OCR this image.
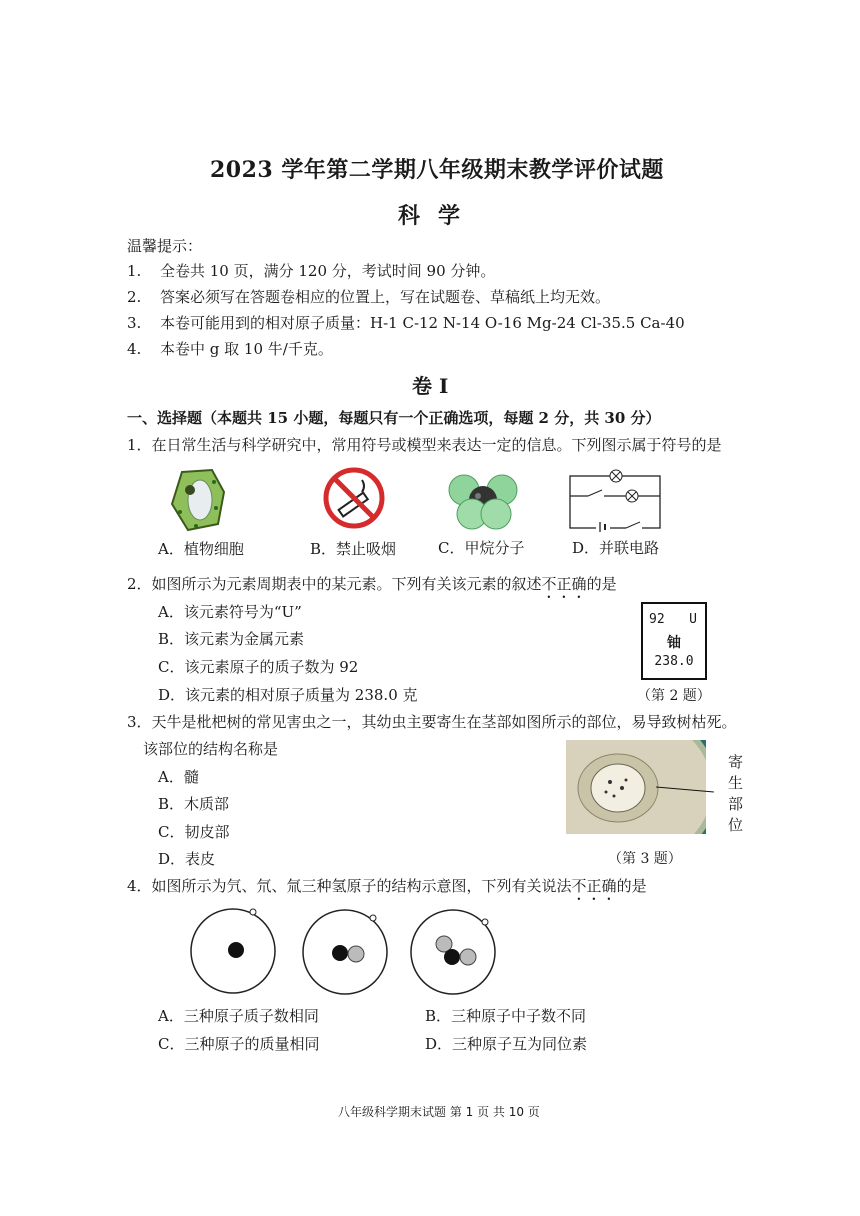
2023 学年第二学期八年级期末教学评价试题
科学
温馨提示：
1. 全卷共 10 页，满分 120 分，考试时间 90 分钟。
2. 答案必须写在答题卷相应的位置上，写在试题卷、草稿纸上均无效。
3. 本卷可能用到的相对原子质量：H-1 C-12 N-14 O-16 Mg-24 Cl-35.5 Ca-40
4. 本卷中 g 取 10 牛/千克。
卷 I
一、选择题（本题共 15 小题，每题只有一个正确选项，每题 2 分，共 30 分）
1．在日常生活与科学研究中，常用符号或模型来表达一定的信息。下列图示属于符号的是
A．植物细胞	B．禁止吸烟	C．甲烷分子	D．并联电路
2．如图所示为元素周期表中的某元素。下列有关该元素的叙述不正确的是
A．该元素符号为“U”
B．该元素为金属元素
C．该元素原子的质子数为 92
D．该元素的相对原子质量为 238.0 克
92 U
铀
238.0
（第 2 题）
3．天牛是枇杷树的常见害虫之一，其幼虫主要寄生在茎部如图所示的部位，易导致树枯死。
该部位的结构名称是
A．髓
B．木质部
C．韧皮部
D．表皮
寄
生
部
位
（第 3 题）
4．如图所示为氕、氘、氚三种氢原子的结构示意图，下列有关说法不正确的是
A．三种原子质子数相同	B．三种原子中子数不同
C．三种原子的质量相同	D．三种原子互为同位素
八年级科学期末试题 第 1 页 共 10 页
